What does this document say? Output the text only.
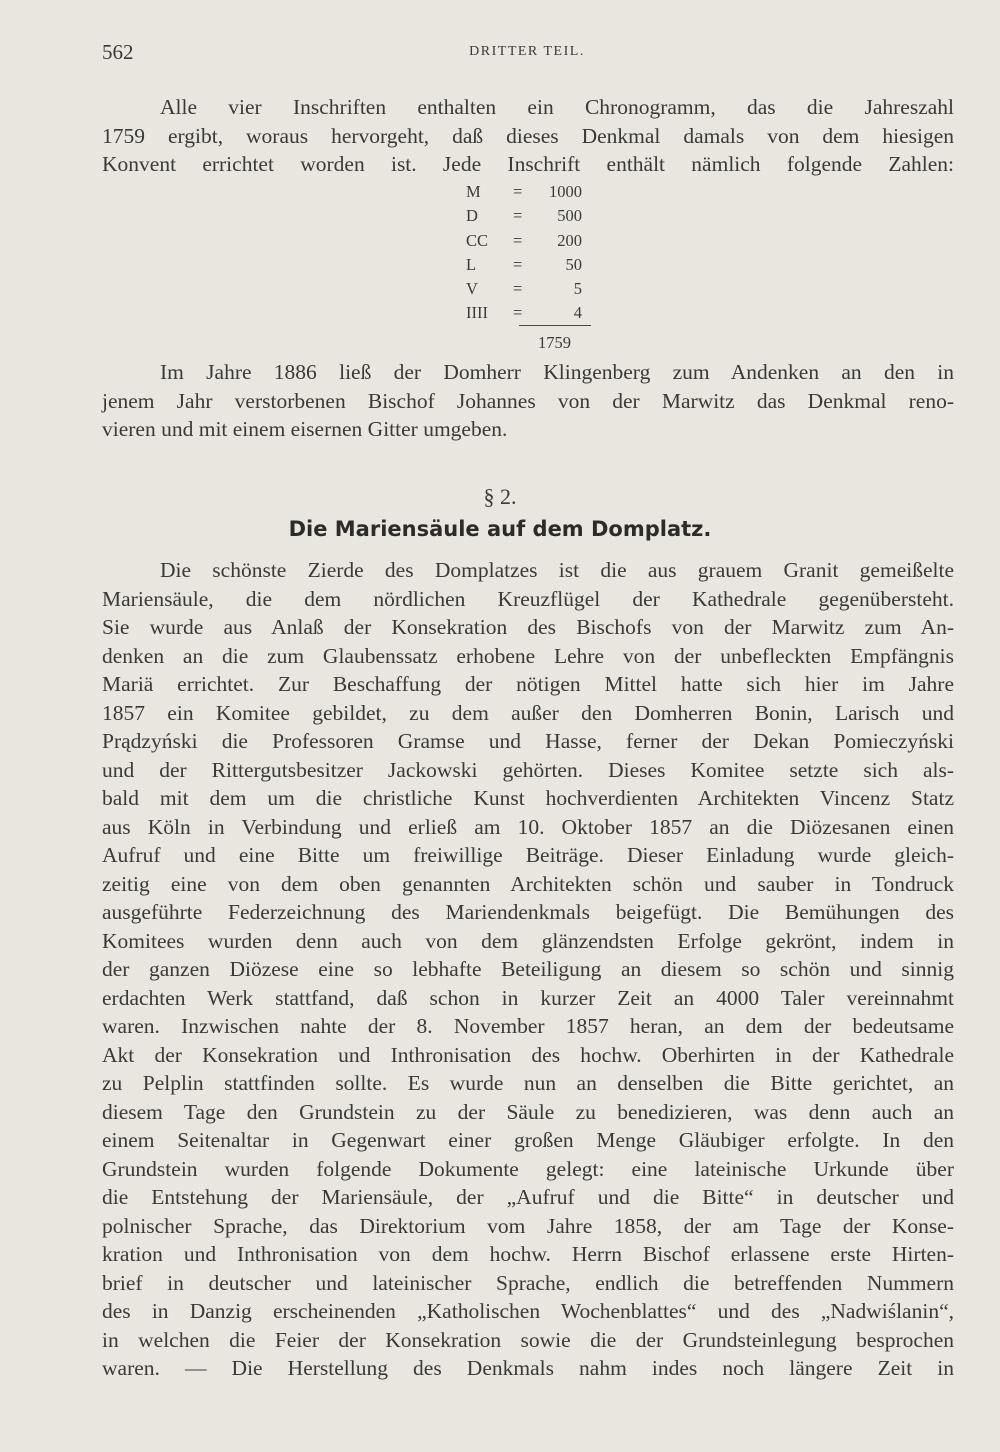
562	DRITTER TEIL.

Alle vier Inschriften enthalten ein Chronogramm, das die Jahreszahl
1759 ergibt, woraus hervorgeht, daß dieses Denkmal damals von dem hiesigen
Konvent errichtet worden ist. Jede Inschrift enthält nämlich folgende Zahlen:

M = 1000
D = 500
CC = 200
L =	50
V =	5
IIII =	4
1759

Im Jahre 1886 ließ der Domherr Klingenberg zum Andenken an den in
jenem Jahr verstorbenen Bischof Johannes von der Marwitz das Denkmal reno-
vieren und mit einem eisernen Gitter umgeben.

§ 2.
Die Mariensäule auf dem Domplatz.

Die schönste Zierde des Domplatzes ist die aus grauem Granit gemeißelte
Mariensäule, die dem nördlichen Kreuzflügel der Kathedrale gegenübersteht.
Sie wurde aus Anlaß der Konsekration des Bischofs von der Marwitz zum An-
denken an die zum Glaubenssatz erhobene Lehre von der unbefleckten Empfängnis
Mariä errichtet. Zur Beschaffung der nötigen Mittel hatte sich hier im Jahre
1857 ein Komitee gebildet, zu dem außer den Domherren Bonin, Larisch und
Prądzyński die Professoren Gramse und Hasse, ferner der Dekan Pomieczyński
und der Rittergutsbesitzer Jackowski gehörten. Dieses Komitee setzte sich als-
bald mit dem um die christliche Kunst hochverdienten Architekten Vincenz Statz
aus Köln in Verbindung und erließ am 10. Oktober 1857 an die Diözesanen einen
Aufruf und eine Bitte um freiwillige Beiträge. Dieser Einladung wurde gleich-
zeitig eine von dem oben genannten Architekten schön und sauber in Tondruck
ausgeführte Federzeichnung des Mariendenkmals beigefügt. Die Bemühungen des
Komitees wurden denn auch von dem glänzendsten Erfolge gekrönt, indem in
der ganzen Diözese eine so lebhafte Beteiligung an diesem so schön und sinnig
erdachten Werk stattfand, daß schon in kurzer Zeit an 4000 Taler vereinnahmt
waren. Inzwischen nahte der 8. November 1857 heran, an dem der bedeutsame
Akt der Konsekration und Inthronisation des hochw. Oberhirten in der Kathedrale
zu Pelplin stattfinden sollte. Es wurde nun an denselben die Bitte gerichtet, an
diesem Tage den Grundstein zu der Säule zu benedizieren, was denn auch an
einem Seitenaltar in Gegenwart einer großen Menge Gläubiger erfolgte. In den
Grundstein wurden folgende Dokumente gelegt: eine lateinische Urkunde über
die Entstehung der Mariensäule, der „Aufruf und die Bitte“ in deutscher und
polnischer Sprache, das Direktorium vom Jahre 1858, der am Tage der Konse-
kration und Inthronisation von dem hochw. Herrn Bischof erlassene erste Hirten-
brief in deutscher und lateinischer Sprache, endlich die betreffenden Nummern
des in Danzig erscheinenden „Katholischen Wochenblattes“ und des „Nadwiślanin“,
in welchen die Feier der Konsekration sowie die der Grundsteinlegung besprochen
waren. — Die Herstellung des Denkmals nahm indes noch längere Zeit in
